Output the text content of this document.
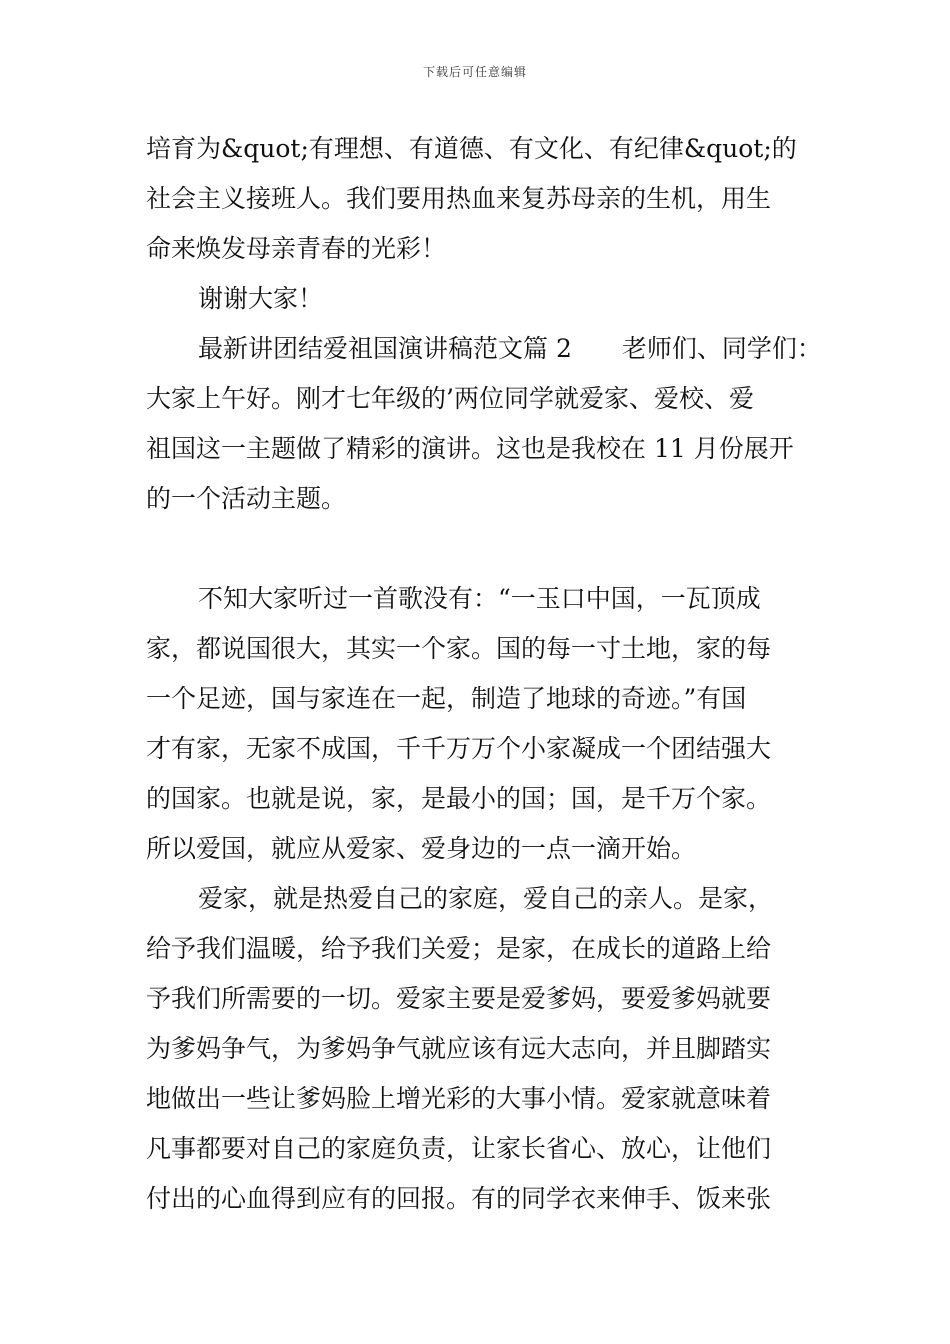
下载后可任意编辑

培育为&quot;有理想、有道德、有文化、有纪律&quot;的

社会主义接班人。我们要用热血来复苏母亲的生机，用生

命来焕发母亲青春的光彩！

谢谢大家！

最新讲团结爱祖国演讲稿范文篇 2　　老师们、同学们：

大家上午好。刚才七年级的’两位同学就爱家、爱校、爱

祖国这一主题做了精彩的演讲。这也是我校在 11 月份展开

的一个活动主题。

不知大家听过一首歌没有：“一玉口中国，一瓦顶成

家，都说国很大，其实一个家。国的每一寸土地，家的每

一个足迹，国与家连在一起，制造了地球的奇迹。”有国

才有家，无家不成国，千千万万个小家凝成一个团结强大

的国家。也就是说，家，是最小的国；国，是千万个家。

所以爱国，就应从爱家、爱身边的一点一滴开始。

爱家，就是热爱自己的家庭，爱自己的亲人。是家，

给予我们温暖，给予我们关爱；是家，在成长的道路上给

予我们所需要的一切。爱家主要是爱爹妈，要爱爹妈就要

为爹妈争气，为爹妈争气就应该有远大志向，并且脚踏实

地做出一些让爹妈脸上增光彩的大事小情。爱家就意味着

凡事都要对自己的家庭负责，让家长省心、放心，让他们

付出的心血得到应有的回报。有的同学衣来伸手、饭来张
